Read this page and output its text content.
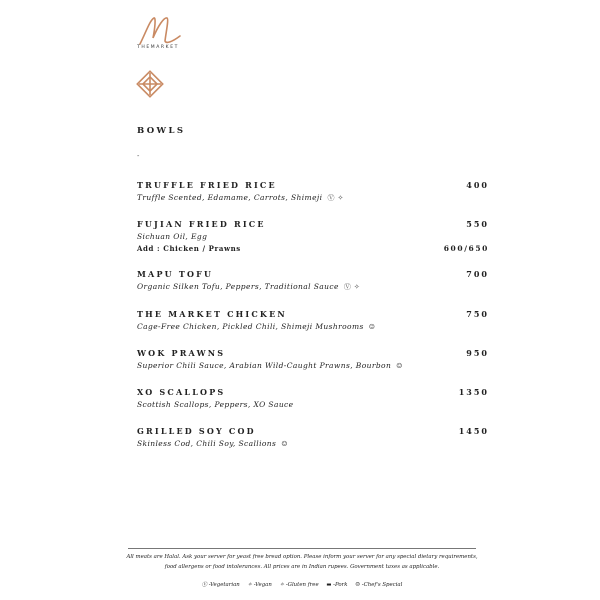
THEMARKET
BOWLS
-
TRUFFLE FRIED RICE	400
Truffle Scented, Edamame, Carrots, Shimeji Ⓥ ✧
FUJIAN FRIED RICE	550
Sichuan Oil, Egg
Add : Chicken / Prawns	600/650
MAPU TOFU	700
Organic Silken Tofu, Peppers, Traditional Sauce Ⓥ ✧
THE MARKET CHICKEN	750
Cage-Free Chicken, Pickled Chili, Shimeji Mushrooms ☺
WOK PRAWNS	950
Superior Chili Sauce, Arabian Wild-Caught Prawns, Bourbon ☺
XO SCALLOPS	1350
Scottish Scallops, Peppers, XO Sauce
GRILLED SOY COD	1450
Skinless Cod, Chili Soy, Scallions ☺
All meats are Halal. Ask your server for yeast free bread option. Please inform your server for any special dietary requirements, food allergens or food intolerances. All prices are in Indian rupees. Government taxes as applicable.
Ⓥ -Vegetarian ✧ -Vegan ✧ -Gluten free ▬ -Pork ☺ -Chef's Special
